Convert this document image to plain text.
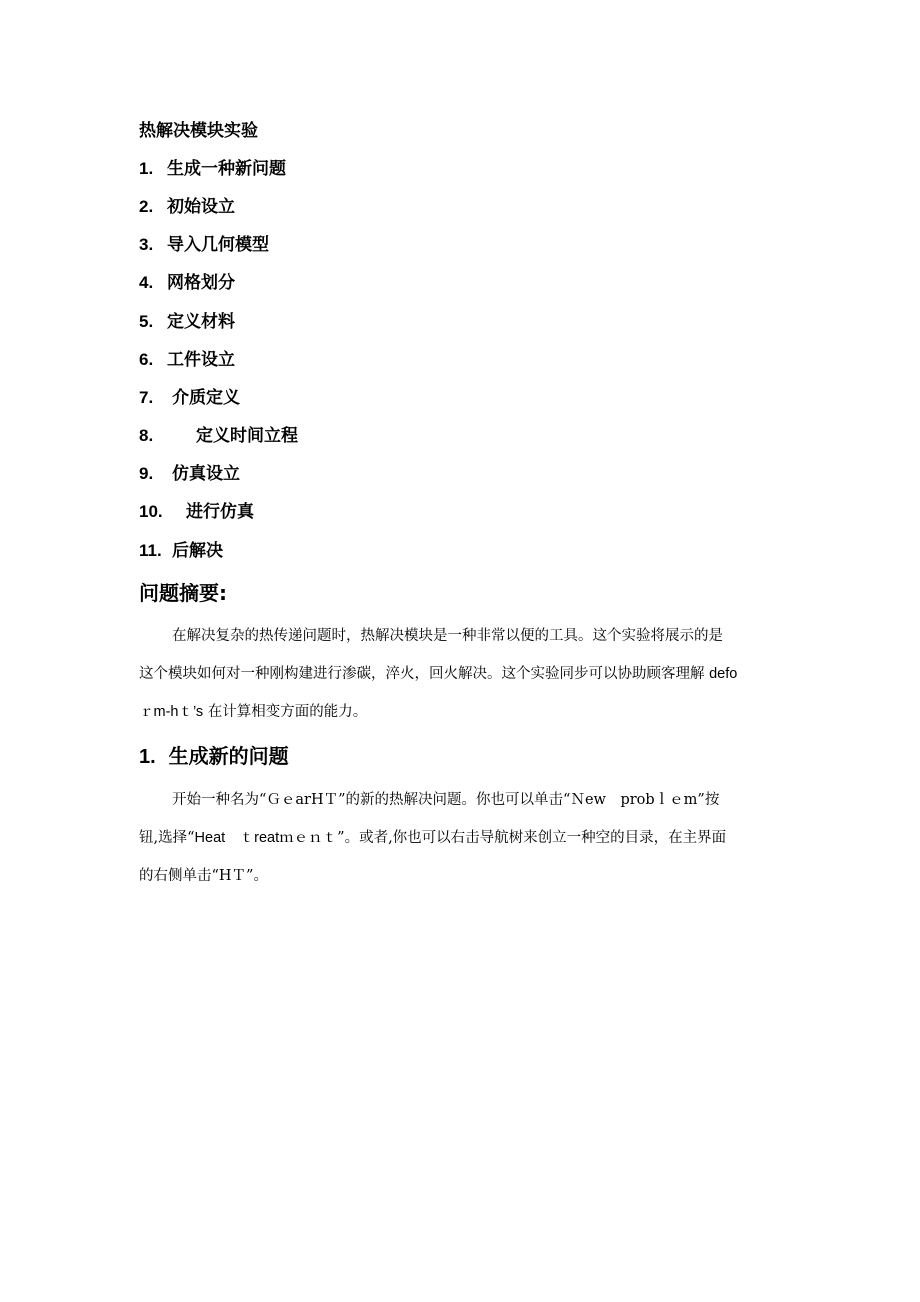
热解决模块实验
1. 生成一种新问题
2. 初始设立
3. 导入几何模型
4. 网格划分
5. 定义材料
6. 工件设立
7. 介质定义
8.	定义时间立程
9. 仿真设立
10. 进行仿真
11. 后解决
问题摘要:
在解决复杂的热传递问题时，热解决模块是一种非常以便的工具。这个实验将展示的是
这个模块如何对一种刚构建进行渗碳，淬火，回火解决。这个实验同步可以协助顾客理解 defo
ｒm-hｔ’s 在计算相变方面的能力。
1. 生成新的问题
开始一种名为“ＧｅarHＴ”的新的热解决问题。你也可以单击“Ｎew　probｌｅm”按
钮,选择“Heat　ｔreatｍｅｎｔ”。或者,你也可以右击导航树来创立一种空的目录，在主界面
的右侧单击“HＴ”。
